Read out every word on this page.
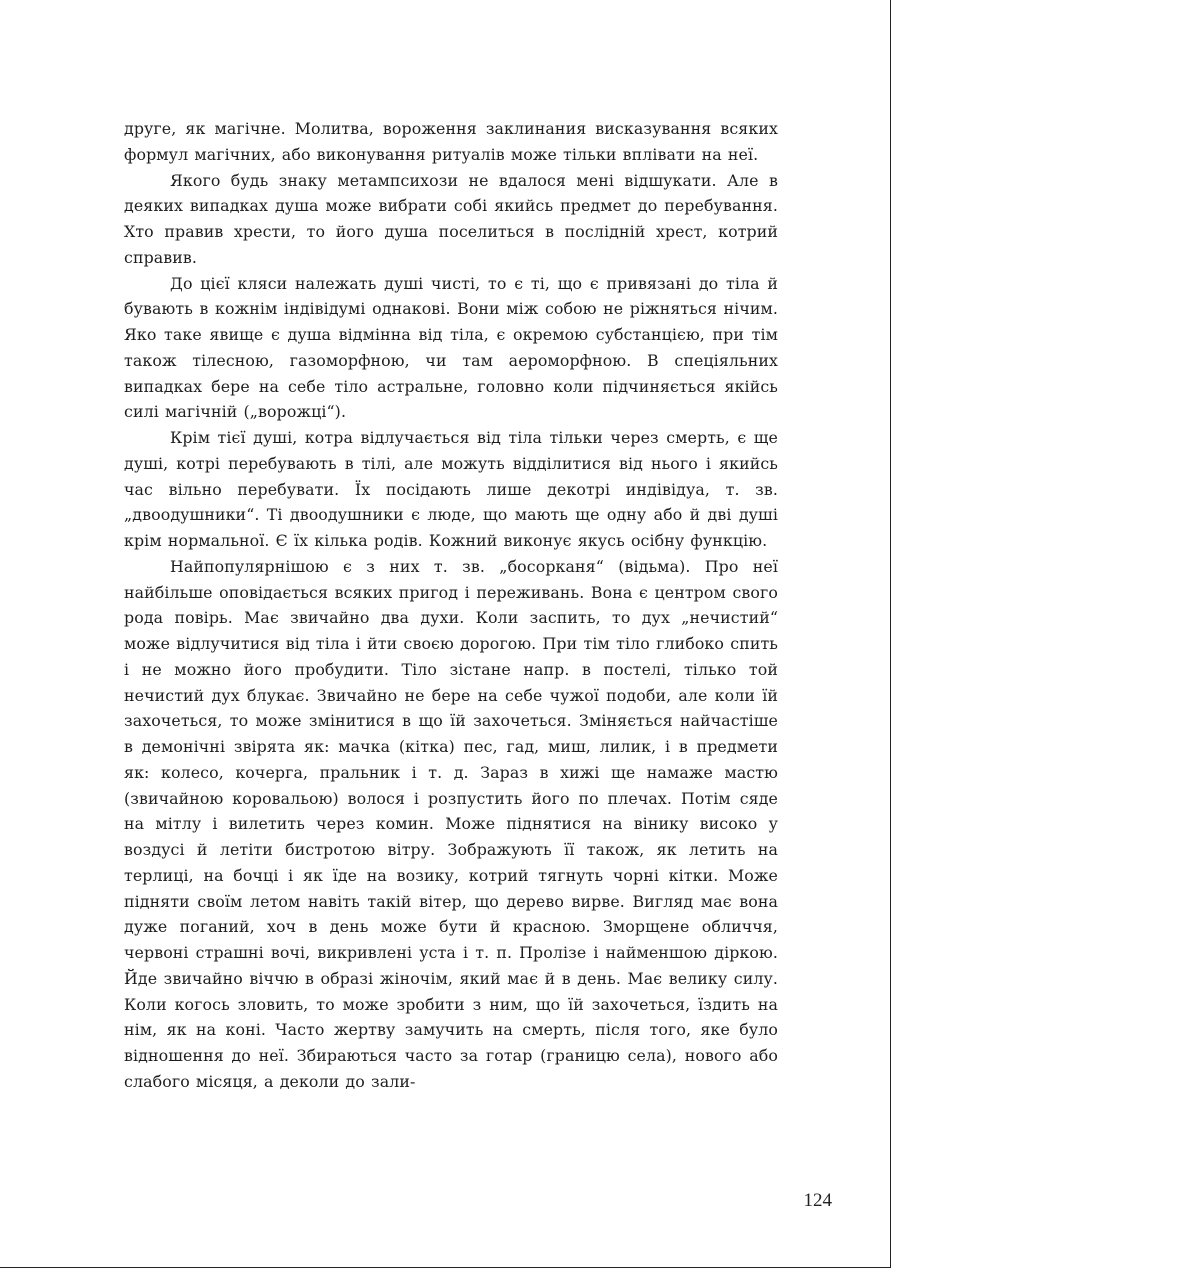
друге, як магічне. Молитва, вороження заклинания висказування всяких формул магічних, або виконування ритуалів може тільки вплівати на неї.

Якого будь знаку метампсихози не вдалося мені відшукати. Але в деяких випадках душа може вибрати собі якийсь предмет до перебування. Хто правив хрести, то його душа поселиться в послідній хрест, котрий справив.

До цієї кляси належать душі чисті, то є ті, що є привязані до тіла й бувають в кожнім індівідумі однакові. Вони між собою не ріжняться нічим. Яко таке явище є душа відмінна від тіла, є окремою субстанцією, при тім також тілесною, газоморфною, чи там аероморфною. В спеціяльних випадках бере на себе тіло астральне, головно коли підчиняється якійсь силі магічній („ворожці“).

Крім тієї душі, котра відлучається від тіла тільки через смерть, є ще душі, котрі перебувають в тілі, але можуть відділитися від нього і якийсь час вільно перебувати. Їх посідають лише декотрі индівідуа, т. зв. „двоодушники“. Ті двоодушники є люде, що мають ще одну або й дві душі крім нормальної. Є їх кілька родів. Кожний виконує якусь осібну функцію.

Найпопулярнішою є з них т. зв. „босорканя“ (відьма). Про неї найбільше оповідається всяких пригод і переживань. Вона є центром свого рода повірь. Має звичайно два духи. Коли заспить, то дух „нечистий“ може відлучитися від тіла і йти своєю дорогою. При тім тіло глибоко спить і не можно його пробудити. Тіло зістане напр. в постелі, тілько той нечистий дух блукає. Звичайно не бере на себе чужої подоби, але коли їй захочеться, то може змінитися в що їй захочеться. Зміняється найчастіше в демонічні звірята як: мачка (кітка) пес, гад, миш, лилик, і в предмети як: колесо, кочерга, пральник і т. д. Зараз в хижі ще намаже мастю (звичайною коровальою) волося і розпустить його по плечах. Потім сяде на мітлу і вилетить через комин. Може піднятися на вінику високо у воздусі й летіти бистротою вітру. Зображують її також, як летить на терлиці, на бочці і як їде на возику, котрий тягнуть чорні кітки. Може підняти своїм летом навіть такій вітер, що дерево вирве. Вигляд має вона дуже поганий, хоч в день може бути й красною. Зморщене обличчя, червоні страшні вочі, викривлені уста і т. п. Пролізе і найменшою діркою. Йде звичайно віччю в образі жіночім, який має й в день. Має велику силу. Коли когось зловить, то може зробити з ним, що їй захочеться, їздить на нім, як на коні. Часто жертву замучить на смерть, після того, яке було відношення до неї. Збираються часто за готар (границю села), нового або слабого місяця, а деколи до зали-

124
